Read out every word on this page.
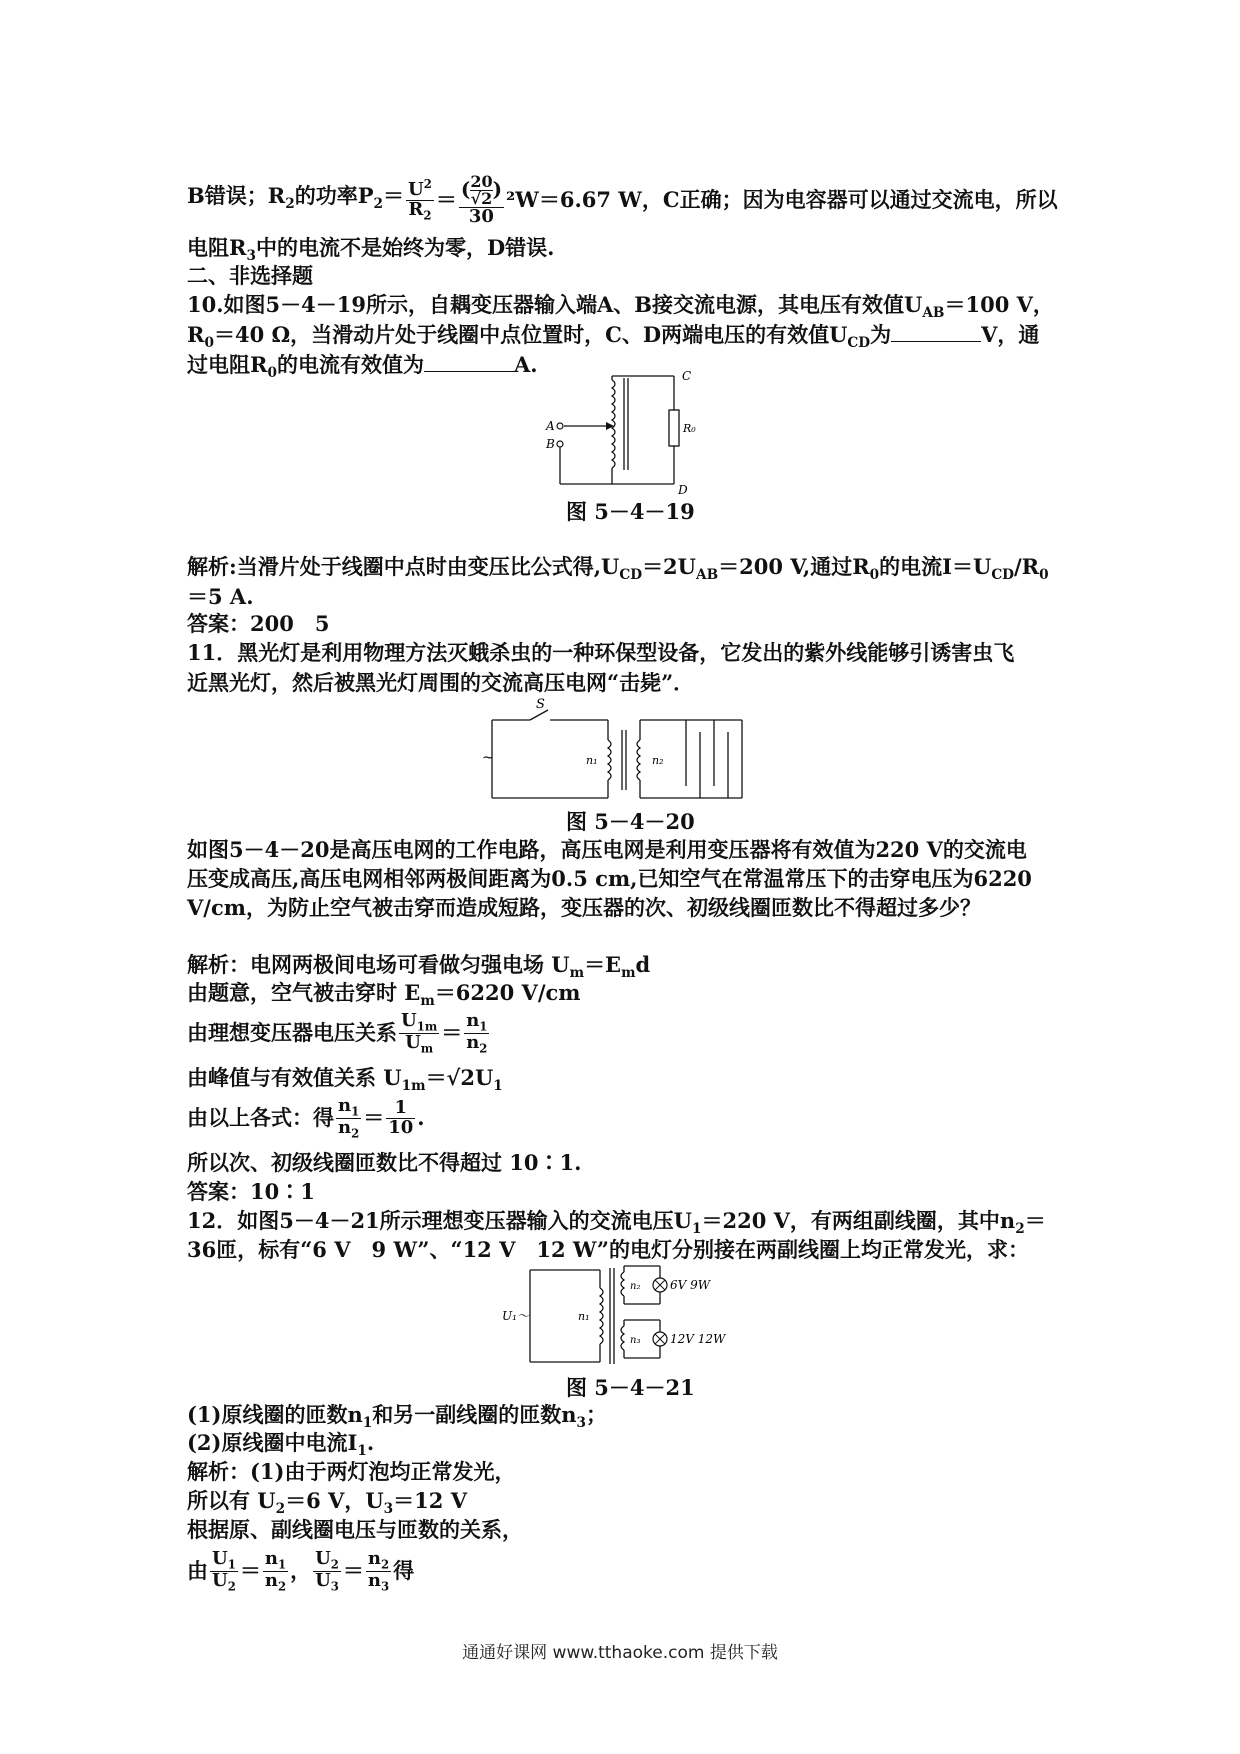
B错误；$R_2$的功率$P_2= \frac{U^2}{R_2} = \frac{( \frac{20}{√2} )}{30} ^2W=6.67$ W，C正确；因为电容器可以通过交流电，所以
电阻$R_3$中的电流不是始终为零，D错误.
二、非选择题
10.如图5－4－19所示，自耦变压器输入端A、B接交流电源，其电压有效值$U_{AB}=100$ V，
$R_0=40$ Ω，当滑动片处于线圈中点位置时，C、D两端电压的有效值$U_{CD}$为	V，通
过电阻$R_0$的电流有效值为	A.
A
B
C
D
R₀
图 5－4－19
解析:当滑片处于线圈中点时由变压比公式得$,U_{CD}=2U_{AB}=200$ V,通过$R_0$的电流$I=U_{CD}/R_0$
＝5 A.
答案：200　5
11．黑光灯是利用物理方法灭蛾杀虫的一种环保型设备，它发出的紫外线能够引诱害虫飞
近黑光灯，然后被黑光灯周围的交流高压电网“击毙”．
S
~	n₁	n₂
图 5－4－20
如图5－4－20是高压电网的工作电路，高压电网是利用变压器将有效值为220 V的交流电
压变成高压,高压电网相邻两极间距离为0.5 cm,已知空气在常温常压下的击穿电压为6220
V/cm，为防止空气被击穿而造成短路，变压器的次、初级线圈匝数比不得超过多少？
解析：电网两极间电场可看做匀强电场 $U_m=E_md$
由题意，空气被击穿时 $E_m=6220$ V/cm
由理想变压器电压关系 $\frac{U_{1m}}{U_m} = \frac{n_1}{n_2}$
由峰值与有效值关系 $U_{1m}=√2U_1$
由以上各式：得 $\frac{n_1}{n_2} = \frac{1}{10}$ .
所以次、初级线圈匝数比不得超过 10∶1.
答案：10∶1
12．如图5－4－21所示理想变压器输入的交流电压$U_1=220$ V，有两组副线圈，其中$n_2=$
36匝，标有“6 V　9 W”、“12 V　12 W”的电灯分别接在两副线圈上均正常发光，求：
U₁～	n₁
n₂
n₃
6V 9W
12V 12W
图 5－4－21
(1)原线圈的匝数$n_1$和另一副线圈的匝数$n_3$；
(2)原线圈中电流$I_1$.
解析：(1)由于两灯泡均正常发光，
所以有 $U_2=6$ V，$U_3=12$ V
根据原、副线圈电压与匝数的关系，
由 $\frac{U_1}{U_2} = \frac{n_1}{n_2}$ ， $\frac{U_2}{U_3} = \frac{n_2}{n_3}$ 得
通通好课网 www.tthaoke.com 提供下载
